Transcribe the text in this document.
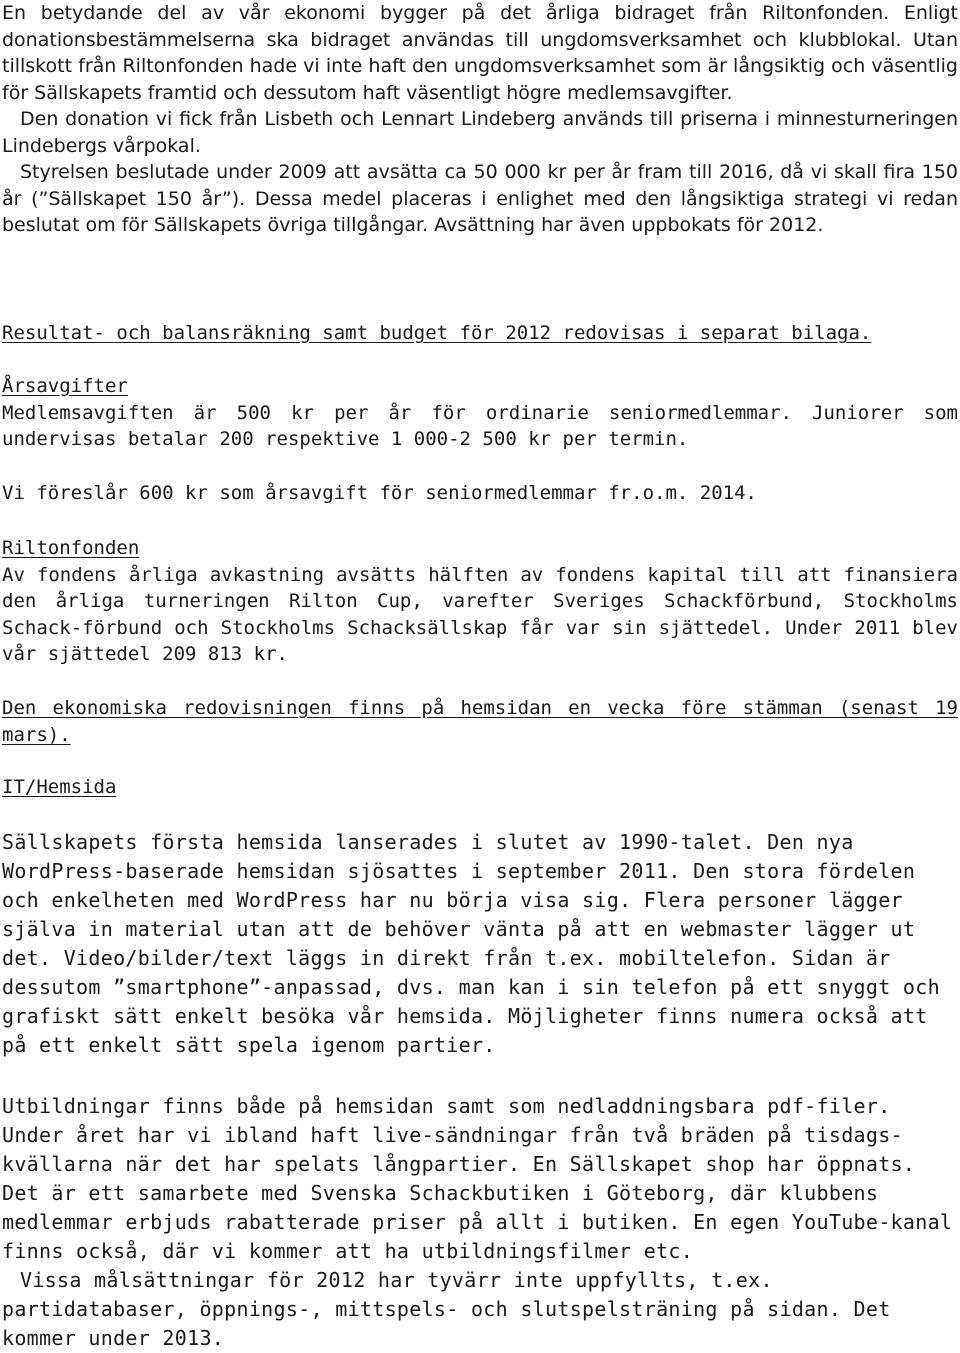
En betydande del av vår ekonomi bygger på det årliga bidraget från Riltonfonden. Enligt donationsbestämmelserna ska bidraget användas till ungdomsverksamhet och klubblokal. Utan tillskott från Riltonfonden hade vi inte haft den ungdomsverksamhet som är långsiktig och väsentlig för Sällskapets framtid och dessutom haft väsentligt högre medlemsavgifter.

Den donation vi fick från Lisbeth och Lennart Lindeberg används till priserna i minnesturneringen Lindebergs vårpokal.

Styrelsen beslutade under 2009 att avsätta ca 50 000 kr per år fram till 2016, då vi skall fira 150 år (”Sällskapet 150 år”). Dessa medel placeras i enlighet med den långsiktiga strategi vi redan beslutat om för Sällskapets övriga tillgångar. Avsättning har även uppbokats för 2012.

Resultat- och balansräkning samt budget för 2012 redovisas i separat bilaga.

Årsavgifter

Medlemsavgiften är 500 kr per år för ordinarie seniormedlemmar. Juniorer som undervisas betalar 200 respektive 1 000-2 500 kr per termin.

Vi föreslår 600 kr som årsavgift för seniormedlemmar fr.o.m. 2014.

Riltonfonden

Av fondens årliga avkastning avsätts hälften av fondens kapital till att finansiera den årliga turneringen Rilton Cup, varefter Sveriges Schackförbund, Stockholms Schack-förbund och Stockholms Schacksällskap får var sin sjättedel. Under 2011 blev vår sjättedel 209 813 kr.

Den ekonomiska redovisningen finns på hemsidan en vecka före stämman (senast 19 mars).

IT/Hemsida

Sällskapets första hemsida lanserades i slutet av 1990-talet. Den nya WordPress-baserade hemsidan sjösattes i september 2011. Den stora fördelen och enkelheten med WordPress har nu börja visa sig. Flera personer lägger själva in material utan att de behöver vänta på att en webmaster lägger ut det. Video/bilder/text läggs in direkt från t.ex. mobiltelefon. Sidan är dessutom ”smartphone”-anpassad, dvs. man kan i sin telefon på ett snyggt och grafiskt sätt enkelt besöka vår hemsida. Möjligheter finns numera också att på ett enkelt sätt spela igenom partier.

Utbildningar finns både på hemsidan samt som nedladdningsbara pdf-filer. Under året har vi ibland haft live-sändningar från två bräden på tisdags-kvällarna när det har spelats långpartier. En Sällskapet shop har öppnats. Det är ett samarbete med Svenska Schackbutiken i Göteborg, där klubbens medlemmar erbjuds rabatterade priser på allt i butiken. En egen YouTube-kanal finns också, där vi kommer att ha utbildningsfilmer etc.

Vissa målsättningar för 2012 har tyvärr inte uppfyllts, t.ex. partidatabaser, öppnings-, mittspels- och slutspelsträning på sidan. Det kommer under 2013.
